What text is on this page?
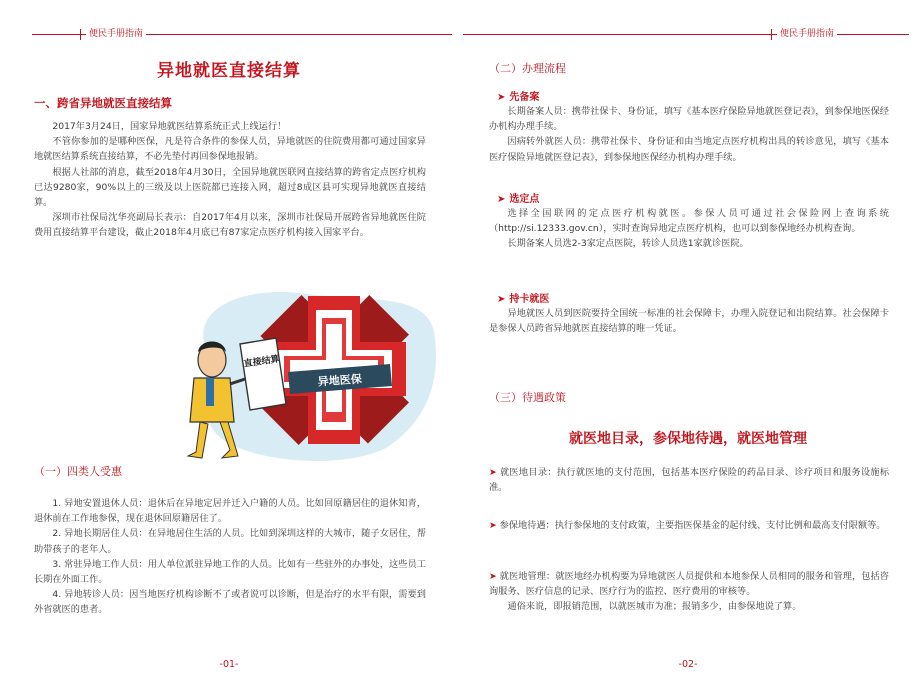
便民手册指南
异地就医直接结算
一、跨省异地就医直接结算

2017年3月24日，国家异地就医结算系统正式上线运行！

不管你参加的是哪种医保，凡是符合条件的参保人员，异地就医的住院费用都可通过国家异地就医结算系统直接结算，不必先垫付再回参保地报销。

根据人社部的消息，截至2018年4月30日，全国异地就医联网直接结算的跨省定点医疗机构已达9280家，90%以上的三级及以上医院都已连接入网，超过8成区县可实现异地就医直接结算。

深圳市社保局沈华亮副局长表示：自2017年4月以来，深圳市社保局开展跨省异地就医住院费用直接结算平台建设，截止2018年4月底已有87家定点医疗机构接入国家平台。

异地医保
直接结算
（一）四类人受惠

1. 异地安置退休人员：退休后在异地定居并迁入户籍的人员。比如回原籍居住的退休知青，退休前在工作地参保，现在退休回原籍居住了。

2. 异地长期居住人员：在异地居住生活的人员。比如到深圳这样的大城市，随子女居住，帮助带孩子的老年人。

3. 常驻异地工作人员：用人单位派驻异地工作的人员。比如有一些驻外的办事处，这些员工长期在外面工作。

4. 异地转诊人员：因当地医疗机构诊断不了或者说可以诊断，但是治疗的水平有限，需要到外省就医的患者。

-01-
便民手册指南
（二）办理流程
➤ 先备案

长期备案人员：携带社保卡、身份证，填写《基本医疗保险异地就医登记表》，到参保地医保经办机构办理手续。

因病转外就医人员：携带社保卡、身份证和由当地定点医疗机构出具的转诊意见，填写《基本医疗保险异地就医登记表》，到参保地医保经办机构办理手续。

➤ 选定点

选择全国联网的定点医疗机构就医。参保人员可通过社会保险网上查询系统（http://si.12333.gov.cn），实时查询异地定点医疗机构，也可以到参保地经办机构查询。

长期备案人员选2-3家定点医院，转诊人员选1家就诊医院。

➤ 持卡就医

异地就医人员到医院要持全国统一标准的社会保障卡，办理入院登记和出院结算。社会保障卡是参保人员跨省异地就医直接结算的唯一凭证。

（三）待遇政策
就医地目录，参保地待遇，就医地管理

➤ 就医地目录：执行就医地的支付范围，包括基本医疗保险的药品目录、诊疗项目和服务设施标准。

➤ 参保地待遇：执行参保地的支付政策，主要指医保基金的起付线、支付比例和最高支付限额等。

➤ 就医地管理：就医地经办机构要为异地就医人员提供和本地参保人员相同的服务和管理，包括咨询服务、医疗信息的记录、医疗行为的监控、医疗费用的审核等。

通俗来说，即报销范围，以就医城市为准；报销多少，由参保地说了算。

-02-
